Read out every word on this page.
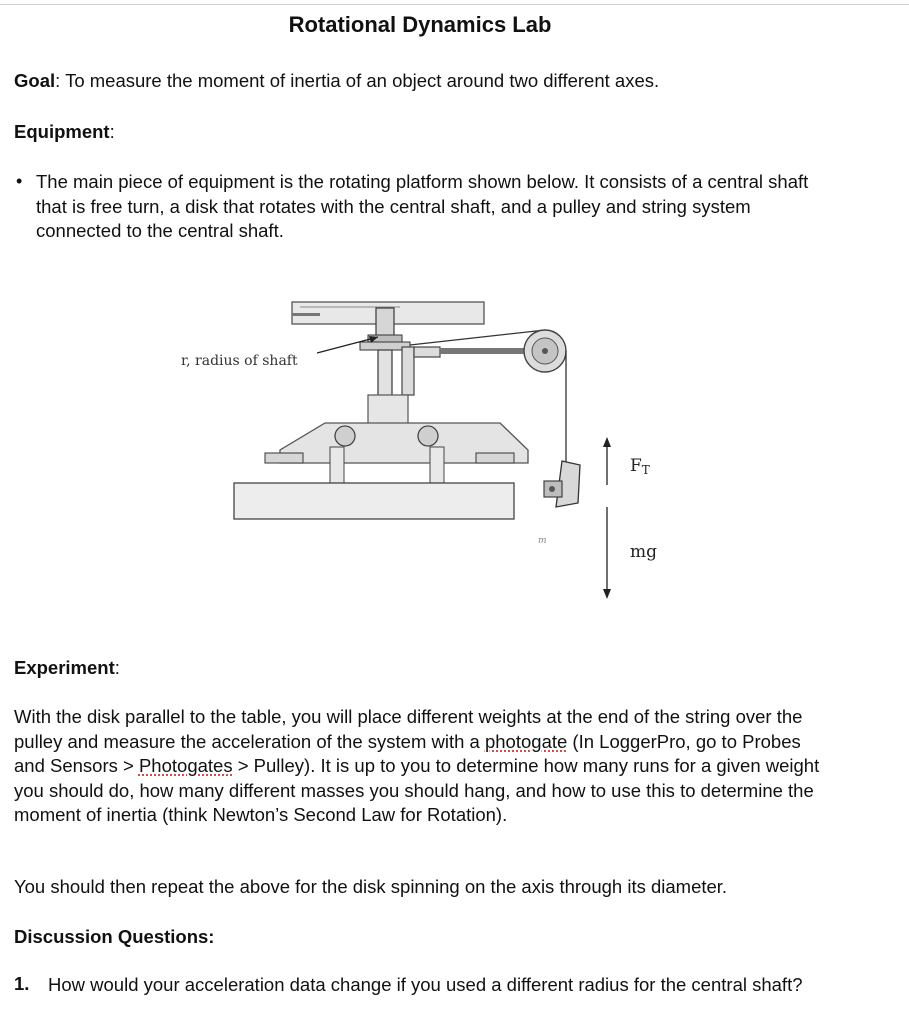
Rotational Dynamics Lab
Goal: To measure the moment of inertia of an object around two different axes.
Equipment:
• The main piece of equipment is the rotating platform shown below. It consists of a central shaft that is free turn, a disk that rotates with the central shaft, and a pulley and string system connected to the central shaft.
m
r, radius of shaft
FT
mg
Experiment:
With the disk parallel to the table, you will place different weights at the end of the string over the pulley and measure the acceleration of the system with a photogate (In LoggerPro, go to Probes and Sensors > Photogates > Pulley). It is up to you to determine how many runs for a given weight you should do, how many different masses you should hang, and how to use this to determine the moment of inertia (think Newton’s Second Law for Rotation).
You should then repeat the above for the disk spinning on the axis through its diameter.
Discussion Questions:
1. How would your acceleration data change if you used a different radius for the central shaft?
